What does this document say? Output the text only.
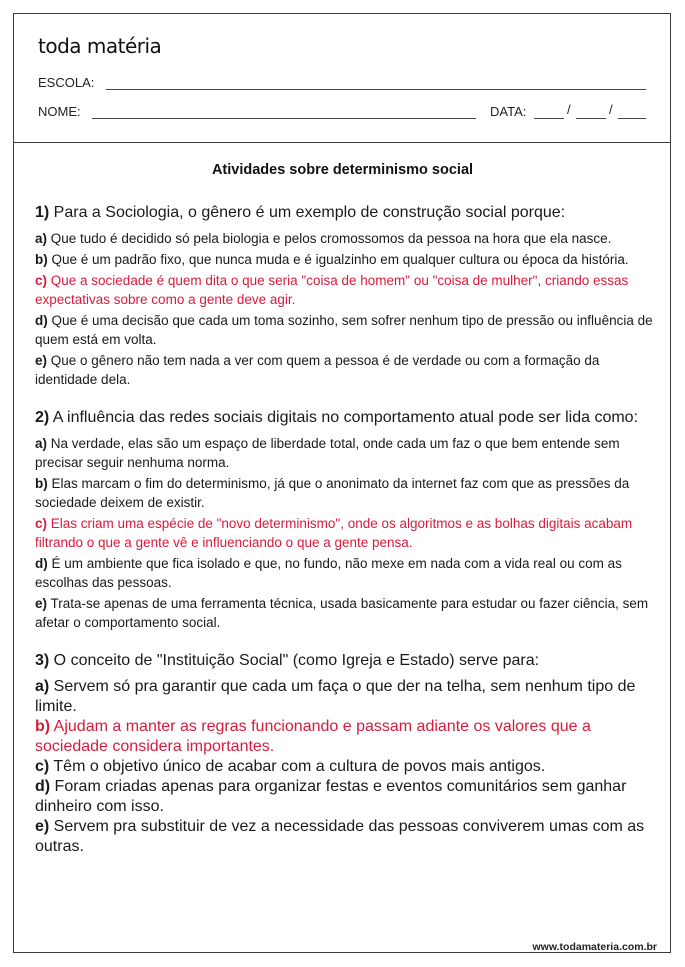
toda matéria
ESCOLA:
NOME:	DATA:	/	/
Atividades sobre determinismo social

1) Para a Sociologia, o gênero é um exemplo de construção social porque:

a) Que tudo é decidido só pela biologia e pelos cromossomos da pessoa na hora que ela nasce.

b) Que é um padrão fixo, que nunca muda e é igualzinho em qualquer cultura ou época da história.

c) Que a sociedade é quem dita o que seria "coisa de homem" ou "coisa de mulher", criando essas expectativas sobre como a gente deve agir.

d) Que é uma decisão que cada um toma sozinho, sem sofrer nenhum tipo de pressão ou influência de quem está em volta.

e) Que o gênero não tem nada a ver com quem a pessoa é de verdade ou com a formação da identidade dela.

2) A influência das redes sociais digitais no comportamento atual pode ser lida como:

a) Na verdade, elas são um espaço de liberdade total, onde cada um faz o que bem entende sem precisar seguir nenhuma norma.

b) Elas marcam o fim do determinismo, já que o anonimato da internet faz com que as pressões da sociedade deixem de existir.

c) Elas criam uma espécie de "novo determinismo", onde os algoritmos e as bolhas digitais acabam filtrando o que a gente vê e influenciando o que a gente pensa.

d) É um ambiente que fica isolado e que, no fundo, não mexe em nada com a vida real ou com as escolhas das pessoas.

e) Trata-se apenas de uma ferramenta técnica, usada basicamente para estudar ou fazer ciência, sem afetar o comportamento social.

3) O conceito de "Instituição Social" (como Igreja e Estado) serve para:

a) Servem só pra garantir que cada um faça o que der na telha, sem nenhum tipo de limite.

b) Ajudam a manter as regras funcionando e passam adiante os valores que a sociedade considera importantes.

c) Têm o objetivo único de acabar com a cultura de povos mais antigos.

d) Foram criadas apenas para organizar festas e eventos comunitários sem ganhar dinheiro com isso.

e) Servem pra substituir de vez a necessidade das pessoas conviverem umas com as outras.

www.todamateria.com.br
